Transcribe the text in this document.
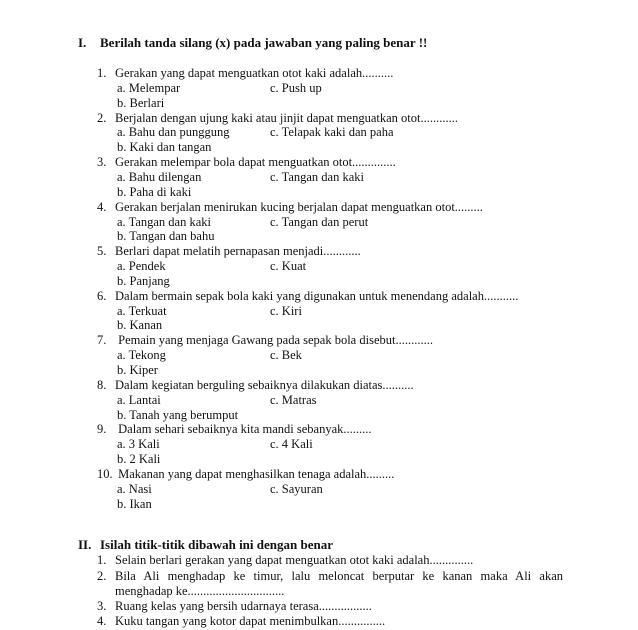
I. Berilah tanda silang (x) pada jawaban yang paling benar !!
1. Gerakan yang dapat menguatkan otot kaki adalah..........
a. Melempar	c. Push up
b. Berlari
2. Berjalan dengan ujung kaki atau jinjit dapat menguatkan otot............
a. Bahu dan punggung	c. Telapak kaki dan paha
b. Kaki dan tangan
3. Gerakan melempar bola dapat menguatkan otot..............
a. Bahu dilengan	c. Tangan dan kaki
b. Paha di kaki
4. Gerakan berjalan menirukan kucing berjalan dapat menguatkan otot.........
a. Tangan dan kaki	c. Tangan dan perut
b. Tangan dan bahu
5. Berlari dapat melatih pernapasan menjadi............
a. Pendek	c. Kuat
b. Panjang
6. Dalam bermain sepak bola kaki yang digunakan untuk menendang adalah...........
a. Terkuat	c. Kiri
b. Kanan
7. Pemain yang menjaga Gawang pada sepak bola disebut............
a. Tekong	c. Bek
b. Kiper
8. Dalam kegiatan berguling sebaiknya dilakukan diatas..........
a. Lantai	c. Matras
b. Tanah yang berumput
9. Dalam sehari sebaiknya kita mandi sebanyak.........
a. 3 Kali	c. 4 Kali
b. 2 Kali
10. Makanan yang dapat menghasilkan tenaga adalah.........
a. Nasi	c. Sayuran
b. Ikan
II. Isilah titik-titik dibawah ini dengan benar
1. Selain berlari gerakan yang dapat menguatkan otot kaki adalah..............
2. Bila Ali menghadap ke timur, lalu meloncat berputar ke kanan maka Ali akan
menghadap ke...............................
3. Ruang kelas yang bersih udarnaya terasa.................
4. Kuku tangan yang kotor dapat menimbulkan...............
